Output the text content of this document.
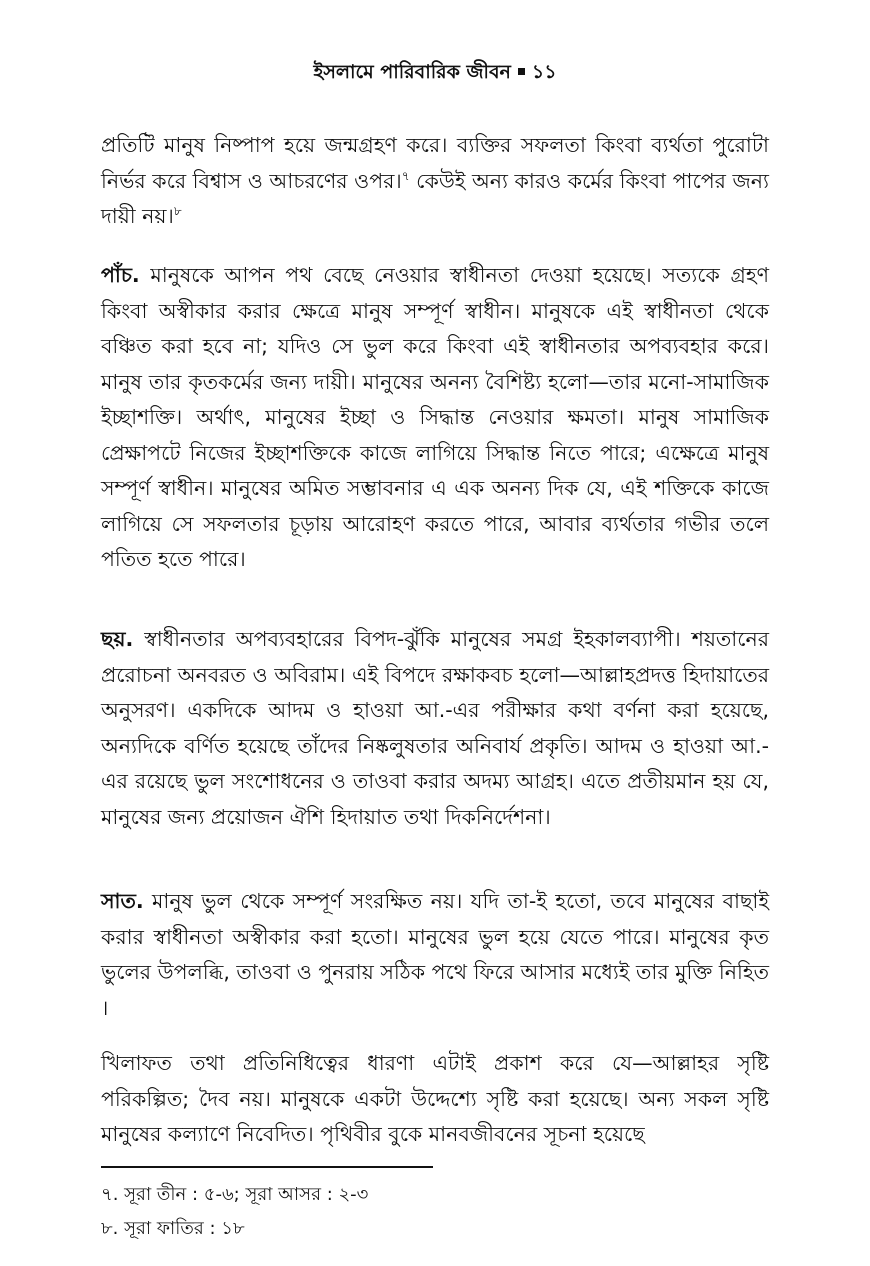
ইসলামে পারিবারিক জীবন ১১

প্রতিটি মানুষ নিষ্পাপ হয়ে জন্মগ্রহণ করে। ব্যক্তির সফলতা কিংবা ব্যর্থতা পুরোটা নির্ভর করে বিশ্বাস ও আচরণের ওপর।$^৭$ কেউই অন্য কারও কর্মের কিংবা পাপের জন্য দায়ী নয়।$^৮$

পাঁচ. মানুষকে আপন পথ বেছে নেওয়ার স্বাধীনতা দেওয়া হয়েছে। সত্যকে গ্রহণ কিংবা অস্বীকার করার ক্ষেত্রে মানুষ সম্পূর্ণ স্বাধীন। মানুষকে এই স্বাধীনতা থেকে বঞ্চিত করা হবে না; যদিও সে ভুল করে কিংবা এই স্বাধীনতার অপব্যবহার করে। মানুষ তার কৃতকর্মের জন্য দায়ী। মানুষের অনন্য বৈশিষ্ট্য হলো—তার মনো-সামাজিক ইচ্ছাশক্তি। অর্থাৎ, মানুষের ইচ্ছা ও সিদ্ধান্ত নেওয়ার ক্ষমতা। মানুষ সামাজিক প্রেক্ষাপটে নিজের ইচ্ছাশক্তিকে কাজে লাগিয়ে সিদ্ধান্ত নিতে পারে; এক্ষেত্রে মানুষ সম্পূর্ণ স্বাধীন। মানুষের অমিত সম্ভাবনার এ এক অনন্য দিক যে, এই শক্তিকে কাজে লাগিয়ে সে সফলতার চূড়ায় আরোহণ করতে পারে, আবার ব্যর্থতার গভীর তলে পতিত হতে পারে।

ছয়. স্বাধীনতার অপব্যবহারের বিপদ-ঝুঁকি মানুষের সমগ্র ইহকালব্যাপী। শয়তানের প্ররোচনা অনবরত ও অবিরাম। এই বিপদে রক্ষাকবচ হলো—আল্লাহপ্রদত্ত হিদায়াতের অনুসরণ। একদিকে আদম ও হাওয়া আ.-এর পরীক্ষার কথা বর্ণনা করা হয়েছে, অন্যদিকে বর্ণিত হয়েছে তাঁদের নিষ্কলুষতার অনিবার্য প্রকৃতি। আদম ও হাওয়া আ.-এর রয়েছে ভুল সংশোধনের ও তাওবা করার অদম্য আগ্রহ। এতে প্রতীয়মান হয় যে, মানুষের জন্য প্রয়োজন ঐশি হিদায়াত তথা দিকনির্দেশনা।

সাত. মানুষ ভুল থেকে সম্পূর্ণ সংরক্ষিত নয়। যদি তা-ই হতো, তবে মানুষের বাছাই করার স্বাধীনতা অস্বীকার করা হতো। মানুষের ভুল হয়ে যেতে পারে। মানুষের কৃত ভুলের উপলব্ধি, তাওবা ও পুনরায় সঠিক পথে ফিরে আসার মধ্যেই তার মুক্তি নিহিত ।

খিলাফত তথা প্রতিনিধিত্বের ধারণা এটাই প্রকাশ করে যে—আল্লাহর সৃষ্টি পরিকল্পিত; দৈব নয়। মানুষকে একটা উদ্দেশ্যে সৃষ্টি করা হয়েছে। অন্য সকল সৃষ্টি মানুষের কল্যাণে নিবেদিত। পৃথিবীর বুকে মানবজীবনের সূচনা হয়েছে

৭. সূরা তীন : ৫-৬; সূরা আসর : ২-৩
৮. সূরা ফাতির : ১৮
